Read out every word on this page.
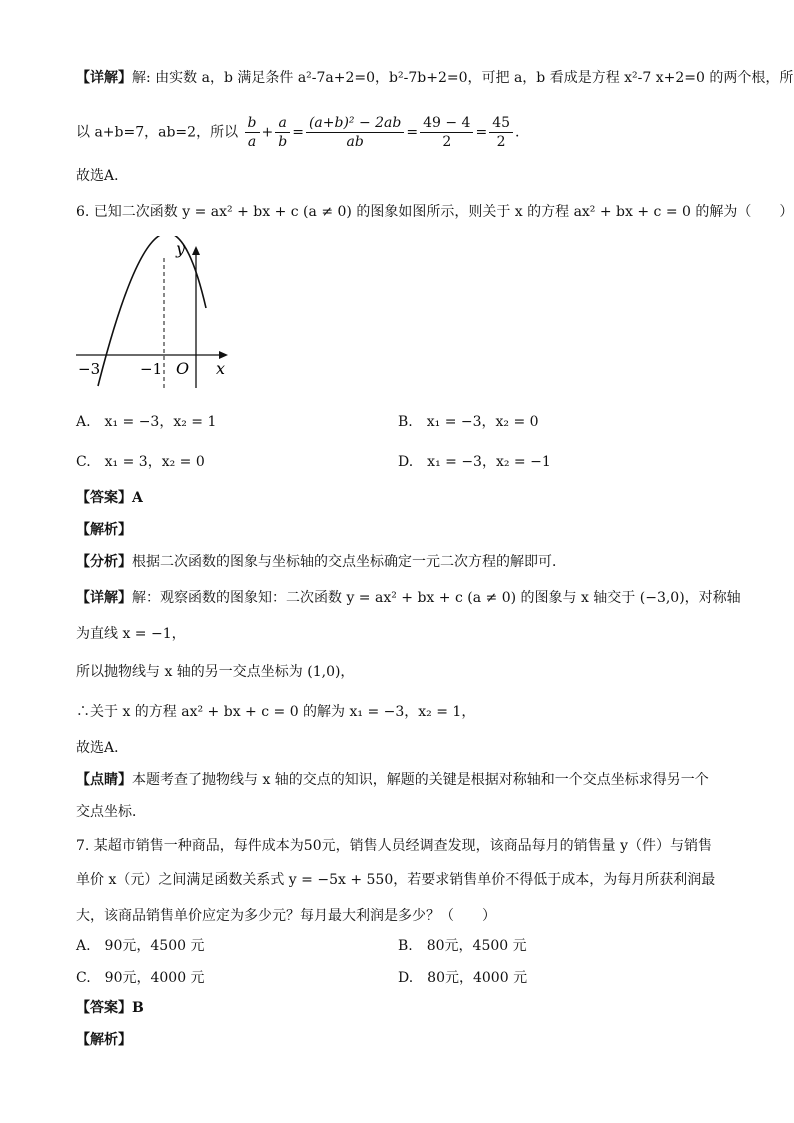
【详解】解: 由实数 a，b 满足条件 a²-7a+2=0，b²-7b+2=0，可把 a，b 看成是方程 x²-7 x+2=0 的两个根，所
以 a+b=7，ab=2，所以 $\frac{b}{a} + \frac{a}{b} = \frac{\text{(a+b)² − 2ab}}{ab} = \frac{49 - 4}{2} = \frac{45}{2}$ .
故选A．
6. 已知二次函数 y = ax² + bx + c (a ≠ 0) 的图象如图所示，则关于 x 的方程 ax² + bx + c = 0 的解为（　　）
y
x
O
−3	−1
A.　x₁ = −3，x₂ = 1	B.　x₁ = −3，x₂ = 0
C.　x₁ = 3，x₂ = 0	D.　x₁ = −3，x₂ = −1
【答案】A
【解析】
【分析】根据二次函数的图象与坐标轴的交点坐标确定一元二次方程的解即可．
【详解】解：观察函数的图象知：二次函数 y = ax² + bx + c (a ≠ 0) 的图象与 x 轴交于 (−3,0)，对称轴
为直线 x = −1，
所以抛物线与 x 轴的另一交点坐标为 (1,0)，
∴关于 x 的方程 ax² + bx + c = 0 的解为 x₁ = −3，x₂ = 1，
故选A．
【点睛】本题考查了抛物线与 x 轴的交点的知识，解题的关键是根据对称轴和一个交点坐标求得另一个
交点坐标．
7. 某超市销售一种商品，每件成本为50元，销售人员经调查发现，该商品每月的销售量 y（件）与销售
单价 x（元）之间满足函数关系式 y = −5x + 550，若要求销售单价不得低于成本，为每月所获利润最
大，该商品销售单价应定为多少元？每月最大利润是多少？（　　）
A.　90元，4500 元	B.　80元，4500 元
C.　90元，4000 元	D.　80元，4000 元
【答案】B
【解析】
